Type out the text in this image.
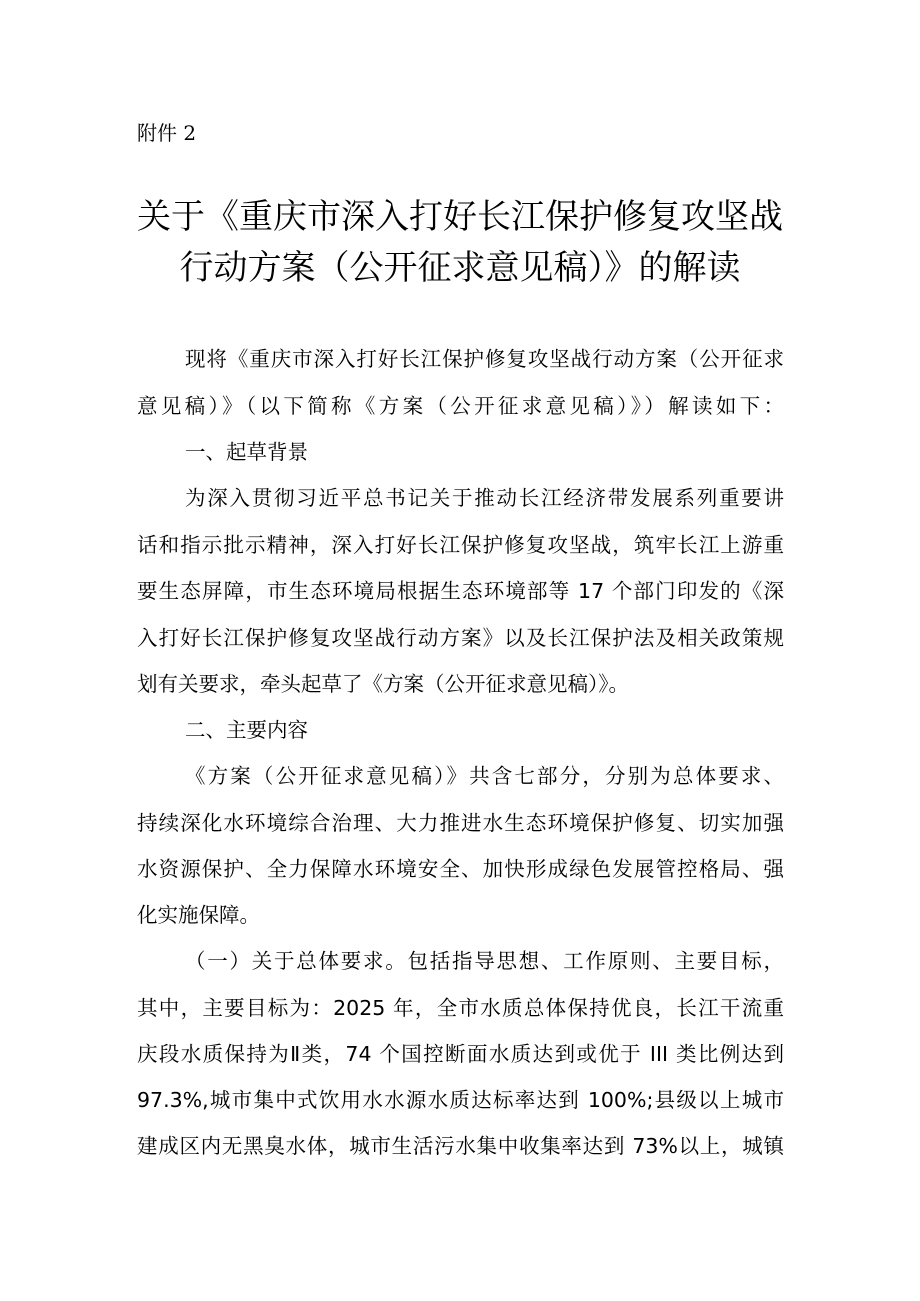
附件 2
关于《重庆市深入打好长江保护修复攻坚战
行动方案（公开征求意见稿）》的解读
现将《重庆市深入打好长江保护修复攻坚战行动方案（公开征求
意见稿）》（以下简称《方案（公开征求意见稿）》）解读如下：
一、起草背景
为深入贯彻习近平总书记关于推动长江经济带发展系列重要讲
话和指示批示精神，深入打好长江保护修复攻坚战，筑牢长江上游重
要生态屏障，市生态环境局根据生态环境部等 17 个部门印发的《深
入打好长江保护修复攻坚战行动方案》以及长江保护法及相关政策规
划有关要求，牵头起草了《方案（公开征求意见稿）》。
二、主要内容
《方案（公开征求意见稿）》共含七部分，分别为总体要求、
持续深化水环境综合治理、大力推进水生态环境保护修复、切实加强
水资源保护、全力保障水环境安全、加快形成绿色发展管控格局、强
化实施保障。
（一）关于总体要求。包括指导思想、工作原则、主要目标，
其中，主要目标为：2025 年，全市水质总体保持优良，长江干流重
庆段水质保持为Ⅱ类，74 个国控断面水质达到或优于 III 类比例达到
97.3%,城市集中式饮用水水源水质达标率达到 100%;县级以上城市
建成区内无黑臭水体，城市生活污水集中收集率达到 73%以上，城镇
